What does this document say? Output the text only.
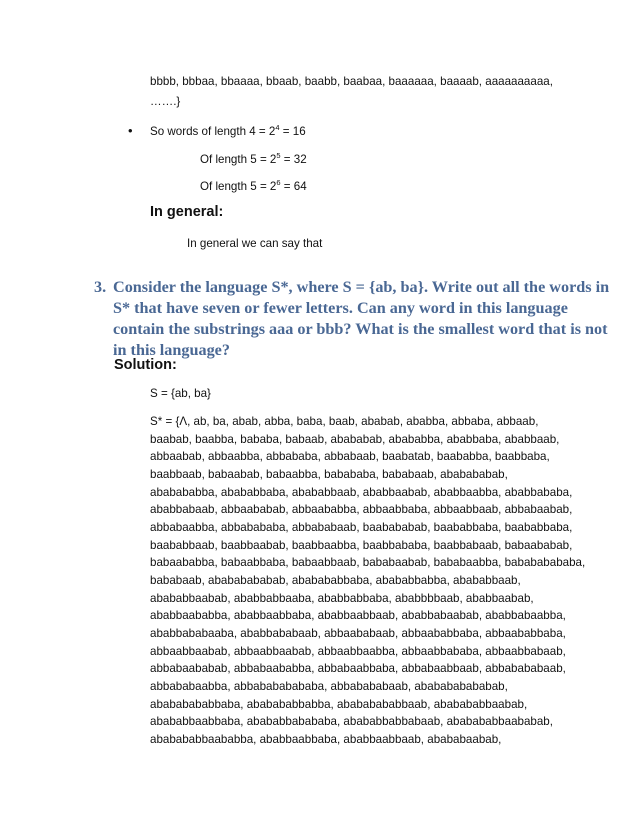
bbbb, bbbaa, bbaaaa, bbaab, baabb, baabaa, baaaaaa, baaaab, aaaaaaaaaa,
…….}
• So words of length $4 = 2^4 = 16$
Of length $5 = 2^5 = 32$
Of length $5 = 2^6 = 64$
In general:
In general we can say that
3. Consider the language S*, where S = {ab, ba}. Write out all the words in
S* that have seven or fewer letters. Can any word in this language
contain the substrings aaa or bbb? What is the smallest word that is not
in this language?
Solution:
S = {ab, ba}
S* = {Λ, ab, ba, abab, abba, baba, baab, ababab, ababba, abbaba, abbaab,
baabab, baabba, bababa, babaab, abababab, abababba, ababbaba, ababbaab,
abbaabab, abbaabba, abbababa, abbabaab, baabatab, baababba, baabbaba,
baabbaab, babaabab, babaabba, babababa, bababaab, ababababab,
ababababba, abababbaba, abababbaab, ababbaabab, ababbaabba, ababbababa,
ababbabaab, abbaababab, abbaababba, abbaabbaba, abbaabbaab, abbabaabab,
abbabaabba, abbabababa, abbababaab, baabababab, baababbaba, baababbaba,
baababbaab, baabbaabab, baabbaabba, baabbababa, baabbabaab, babaababab,
babaababba, babaabbaba, babaabbaab, bababaabab, bababaabba, babababababa,
bababaab, abababababab, ababababbaba, abababbabba, abababbaab,
abababbaabab, ababbabbaaba, ababbabbaba, ababbbbaab, ababbaabab,
ababbaababba, ababbaabbaba, ababbaabbaab, ababbabaabab, ababbabaabba,
ababbababaaba, ababbababaab, abbaababaab, abbaababbaba, abbaababbaba,
abbaabbaabab, abbaabbaabab, abbaabbaabba, abbaabbababa, abbaabbabaab,
abbabaababab, abbabaababba, abbabaabbaba, abbabaabbaab, abbabababaab,
abbababaabba, abbabababababa, abbabababaab, ababababababab,
abababababbaba, ababababbabba, abababababbaab, ababababbaabab,
abababbaabbaba, abababbabababa, abababbabbabaab, ababababbaababab,
ababababbaababba, ababbaabbaba, ababbaabbaab, abababaabab,
